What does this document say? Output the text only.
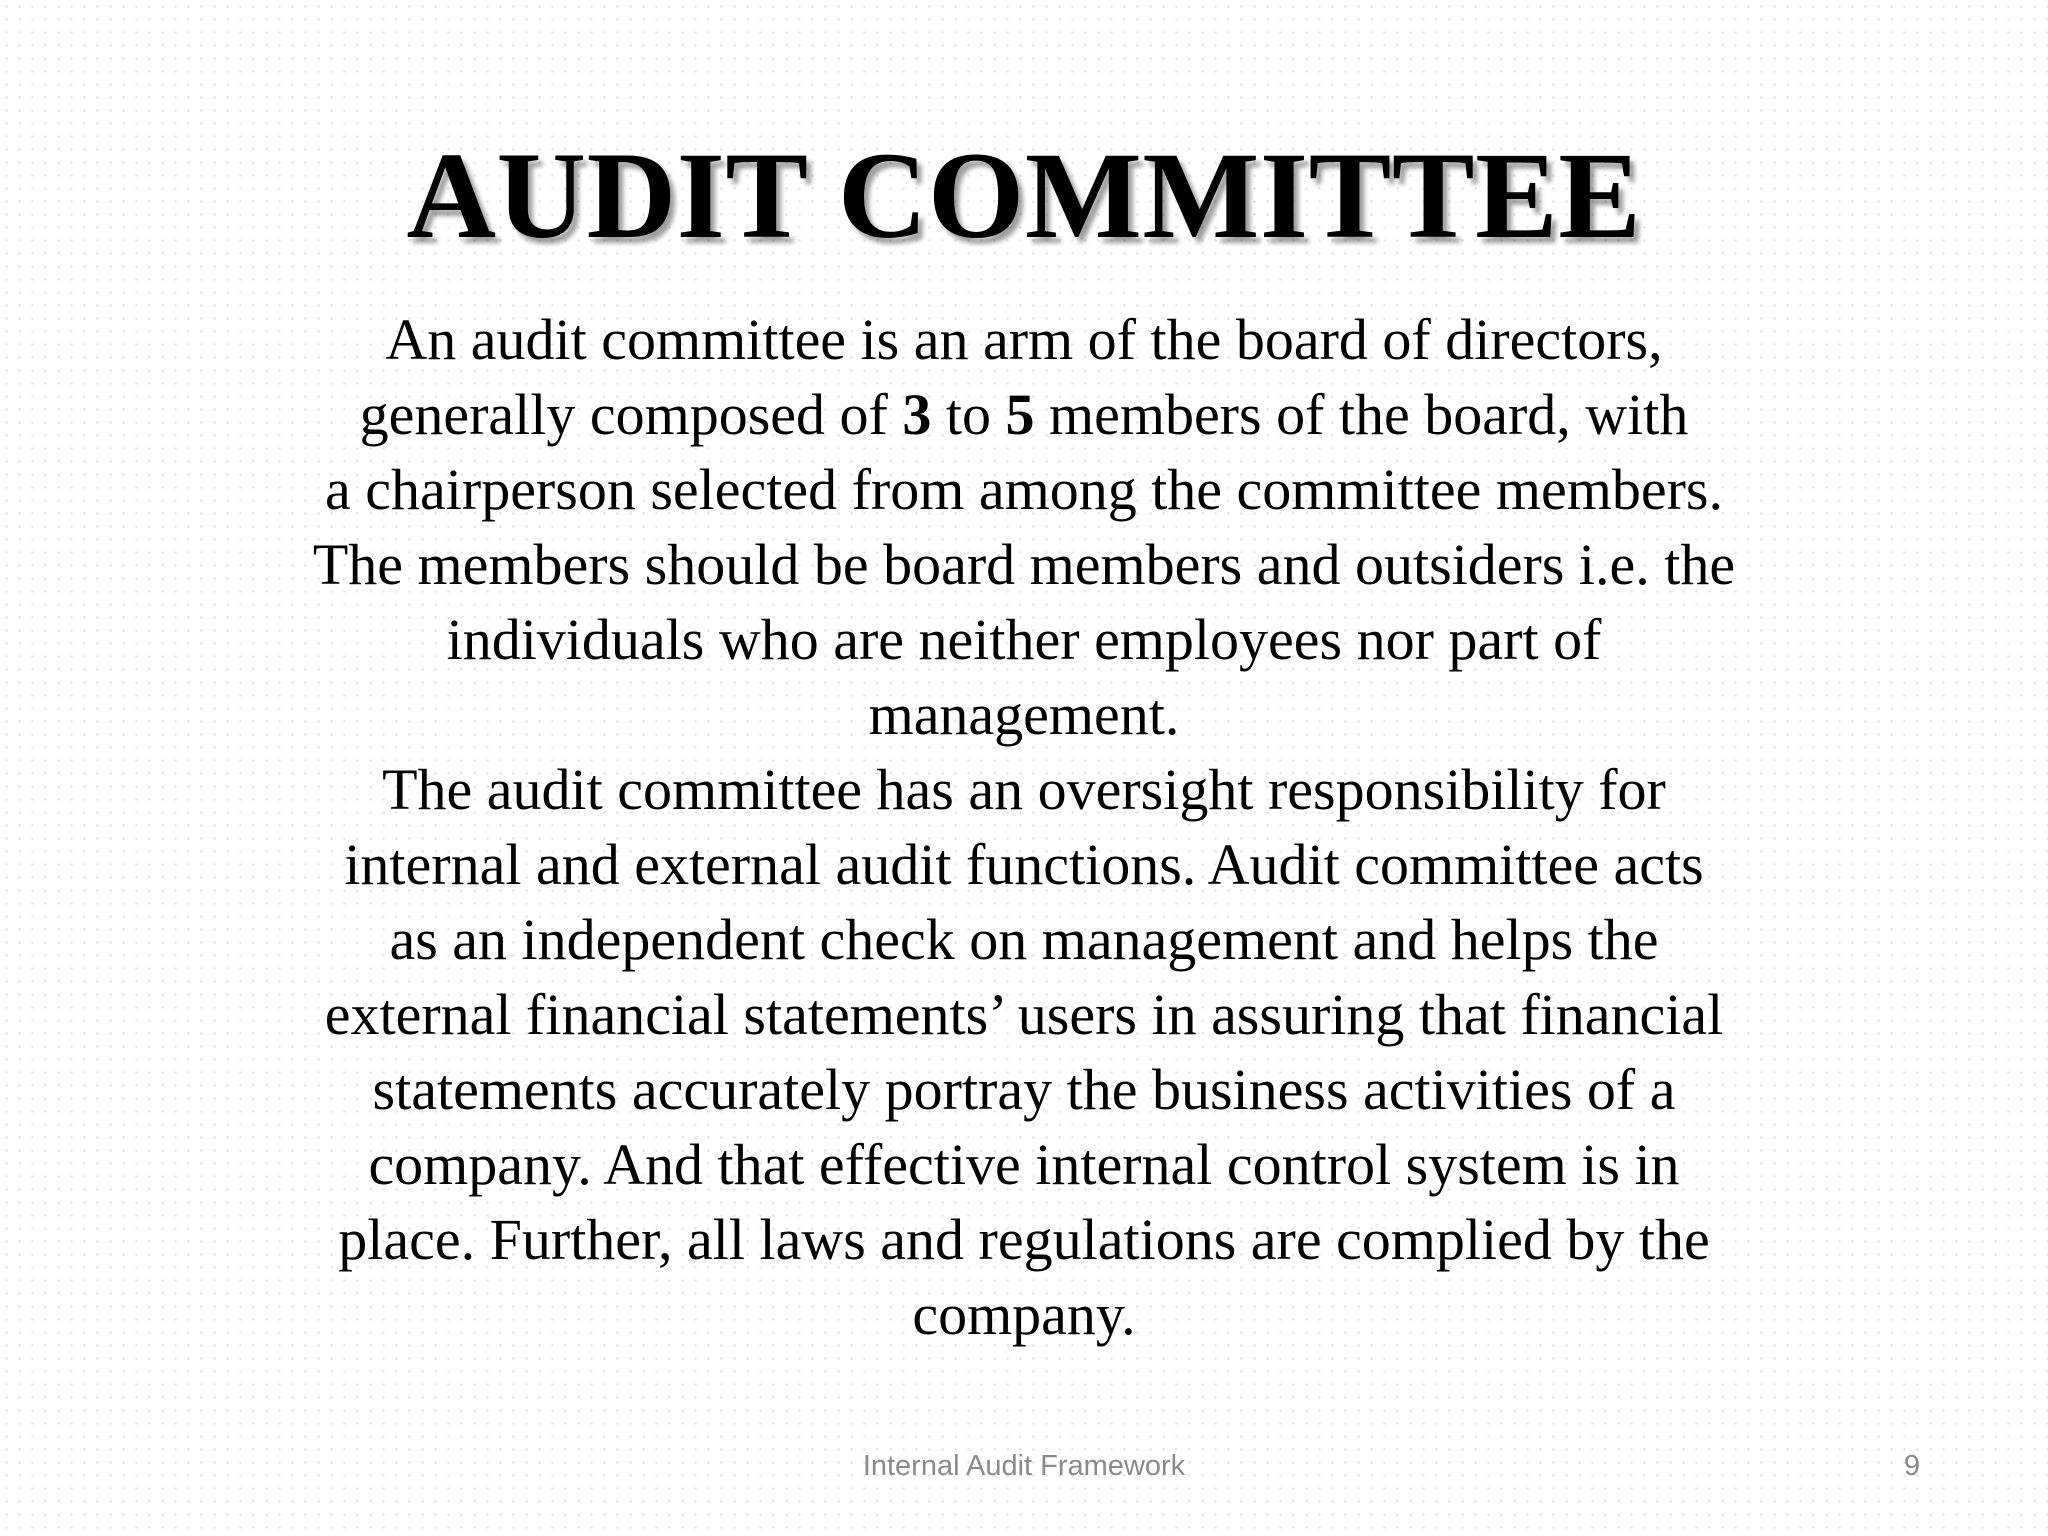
AUDIT COMMITTEE
An audit committee is an arm of the board of directors,
generally composed of 3 to 5 members of the board, with
a chairperson selected from among the committee members.
The members should be board members and outsiders i.e. the
individuals who are neither employees nor part of
management.
The audit committee has an oversight responsibility for
internal and external audit functions. Audit committee acts
as an independent check on management and helps the
external financial statements’ users in assuring that financial
statements accurately portray the business activities of a
company. And that effective internal control system is in
place. Further, all laws and regulations are complied by the
company.
Internal Audit Framework	9
